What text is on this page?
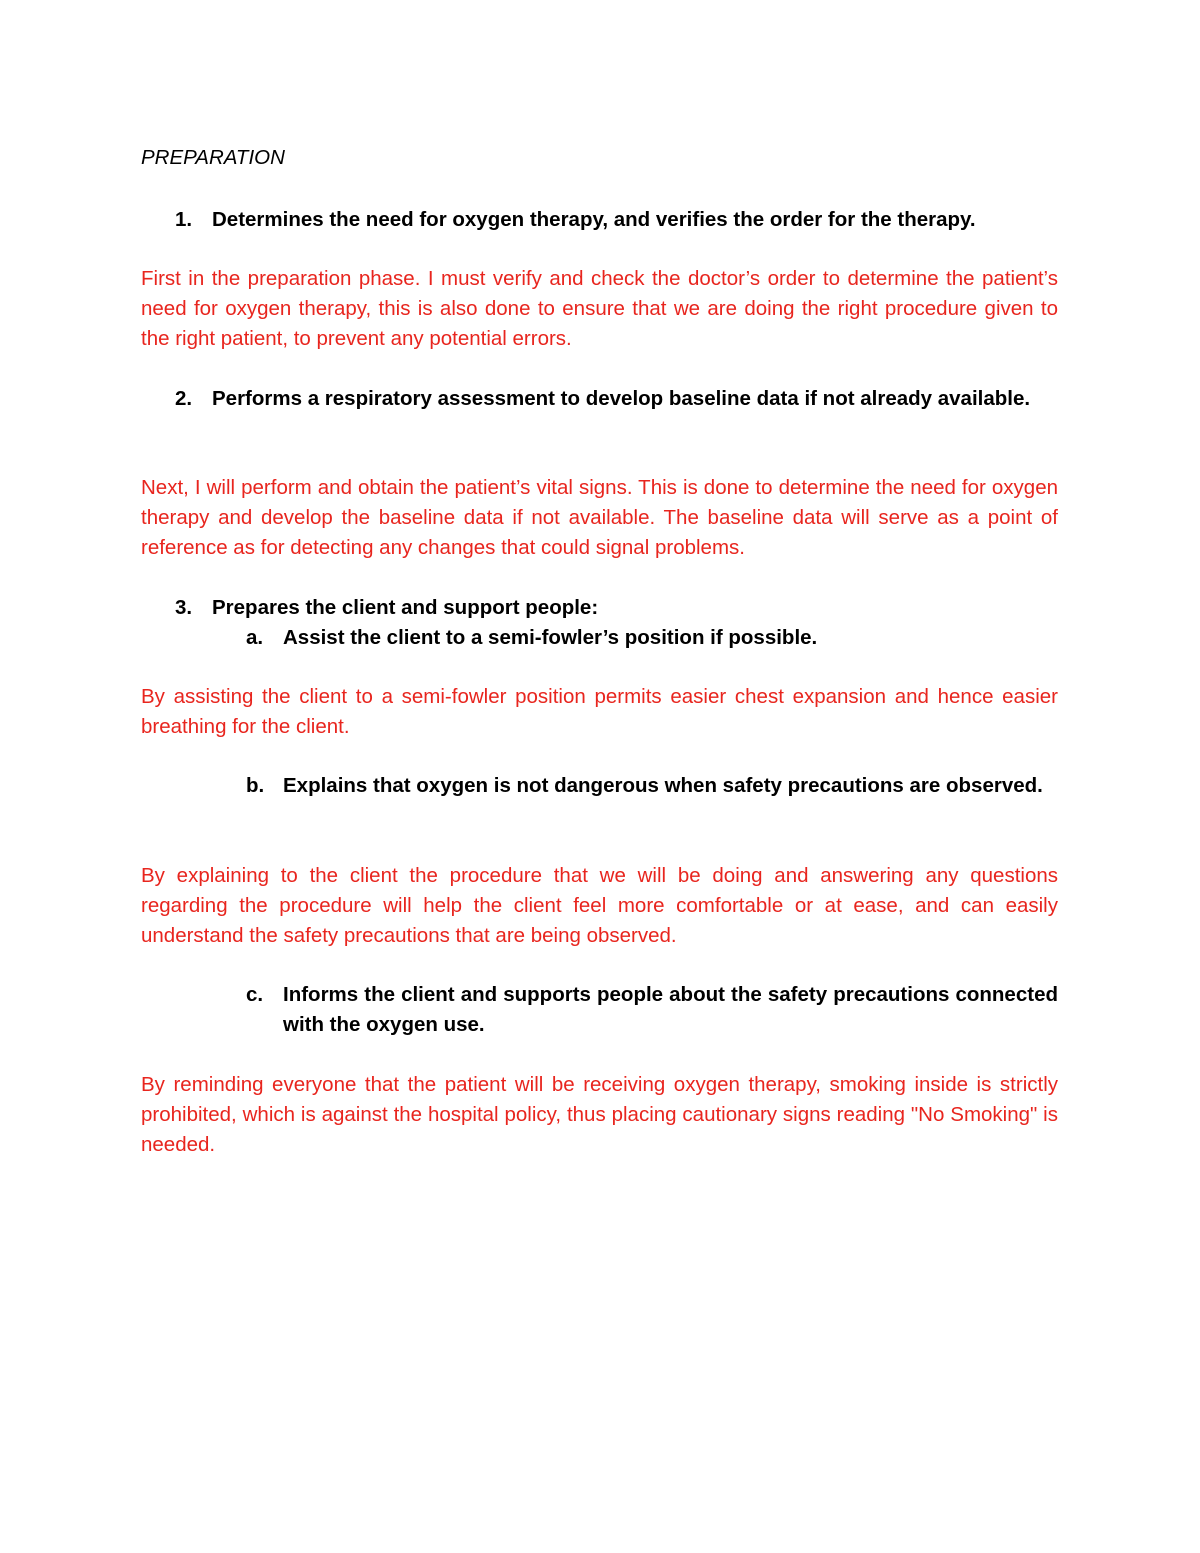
PREPARATION
1. Determines the need for oxygen therapy, and verifies the order for the therapy.
First in the preparation phase. I must verify and check the doctor’s order to determine the patient’s need for oxygen therapy, this is also done to ensure that we are doing the right procedure given to the right patient, to prevent any potential errors.
2. Performs a respiratory assessment to develop baseline data if not already available.
Next, I will perform and obtain the patient’s vital signs. This is done to determine the need for oxygen therapy and develop the baseline data if not available. The baseline data will serve as a point of reference as for detecting any changes that could signal problems.
3. Prepares the client and support people:
a. Assist the client to a semi-fowler’s position if possible.
By assisting the client to a semi-fowler position permits easier chest expansion and hence easier breathing for the client.
b. Explains that oxygen is not dangerous when safety precautions are observed.
By explaining to the client the procedure that we will be doing and answering any questions regarding the procedure will help the client feel more comfortable or at ease, and can easily understand the safety precautions that are being observed.
c. Informs the client and supports people about the safety precautions connected with the oxygen use.
By reminding everyone that the patient will be receiving oxygen therapy, smoking inside is strictly prohibited, which is against the hospital policy, thus placing cautionary signs reading "No Smoking" is needed.
